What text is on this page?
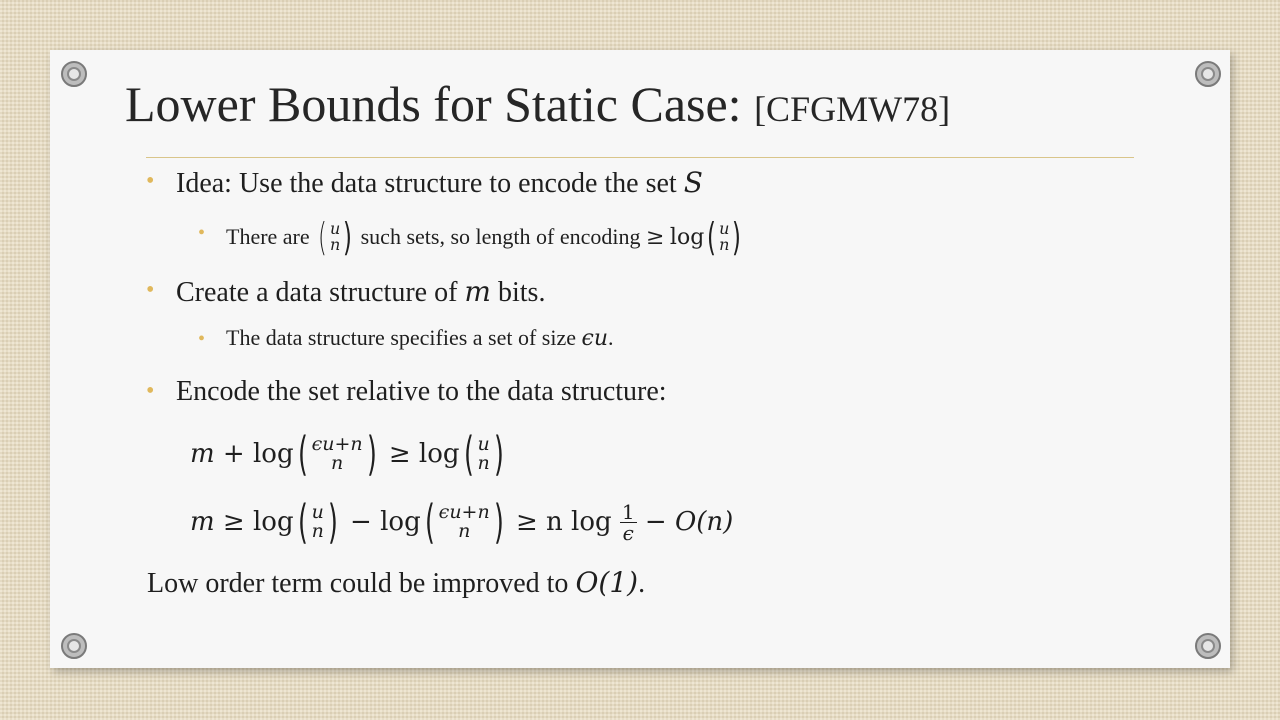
Lower Bounds for Static Case: [CFGMW78]
• Idea: Use the data structure to encode the set S
• There are
( u
n )
such sets, so length of encoding
≥
log ( u
n )
• Create a data structure of m bits.
• The data structure specifies a set of size ϵu.
• Encode the set relative to the data structure:
m
+
log ( ϵu+n
n )
≥
log ( u
n )
m
≥
log ( u
n )
−
log ( ϵu+n
n )
≥
n log
$\frac{1}{\epsilon}$
−
O(n)
Low order term could be improved to O(1).
